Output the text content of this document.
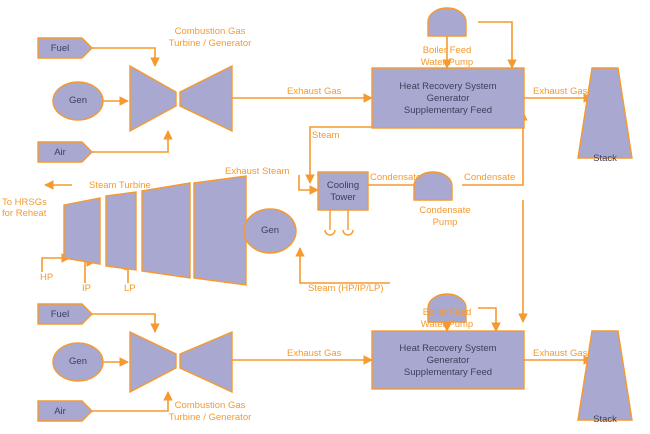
Fuel
Gen
Air
Heat Recovery System
Generator
Supplementary Feed
Stack
Cooling
Tower
Gen
Fuel
Gen
Air
Heat Recovery System
Generator
Supplementary Feed
Stack
Combustion Gas
Turbine / Generator
Boiler Feed
Water Pump
Exhaust Gas	Exhaust Gas
Steam
Exhaust Steam
Steam Turbine
Condensate	Condensate
Condensate
Pump
To HRSGs
for Reheat
HP
IP	LP	Steam (HP/IP/LP)
Boiler Feed
Water Pump
Exhaust Gas	Exhaust Gas
Combustion Gas
Turbine / Generator
